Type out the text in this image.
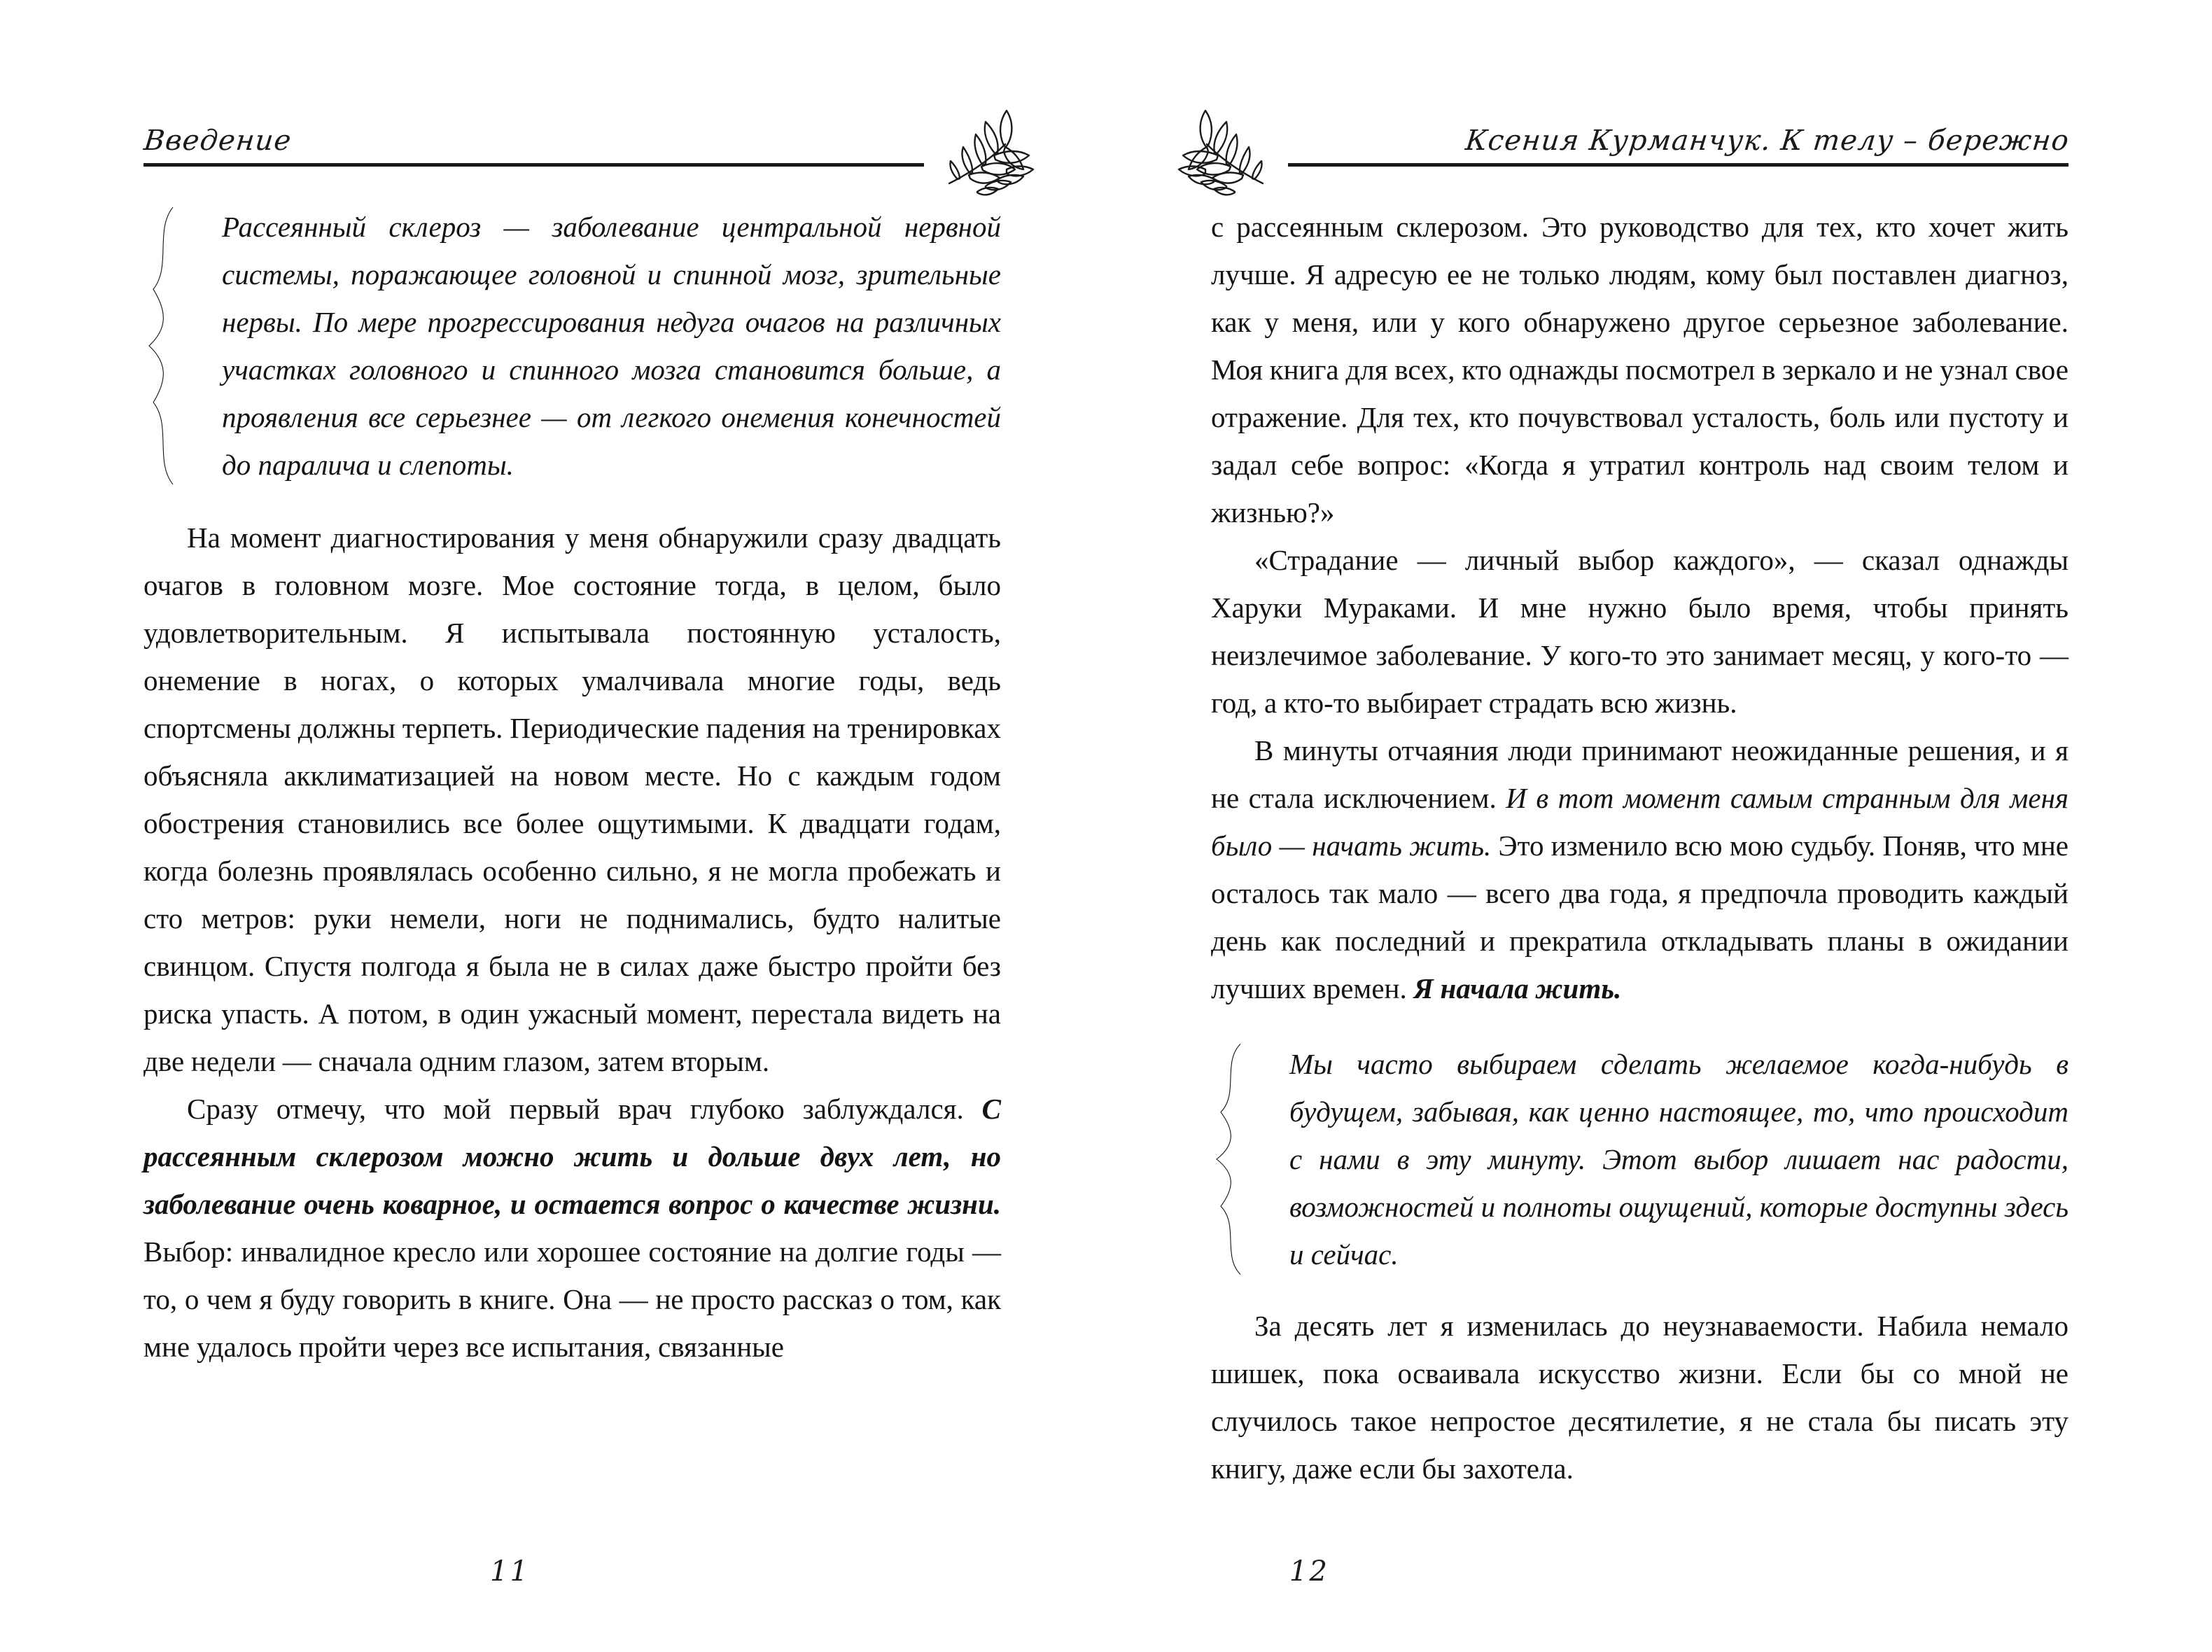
Введение

Рассеянный склероз — заболевание центральной нервной системы, поражающее головной и спинной мозг, зрительные нервы. По мере прогрессирования недуга очагов на различных участках головного и спинного мозга становится больше, а проявления все серьезнее — от легкого онемения конечностей до паралича и слепоты.

На момент диагностирования у меня обнаружили сразу двадцать очагов в головном мозге. Мое состояние тогда, в целом, было удовлетворительным. Я испытывала постоянную усталость, онемение в ногах, о которых умалчивала многие годы, ведь спортсмены должны терпеть. Периодические падения на тренировках объясняла акклиматизацией на новом месте. Но с каждым годом обострения становились все более ощутимыми. К двадцати годам, когда болезнь проявлялась особенно сильно, я не могла пробежать и сто метров: руки немели, ноги не поднимались, будто налитые свинцом. Спустя полгода я была не в силах даже быстро пройти без риска упасть. А потом, в один ужасный момент, перестала видеть на две недели — сначала одним глазом, затем вторым.

Сразу отмечу, что мой первый врач глубоко заблуждался. С рассеянным склерозом можно жить и дольше двух лет, но заболевание очень коварное, и остается вопрос о качестве жизни. Выбор: инвалидное кресло или хорошее состояние на долгие годы — то, о чем я буду говорить в книге. Она — не просто рассказ о том, как мне удалось пройти через все испытания, связанные

11
Ксения Курманчук. К телу – бережно

с рассеянным склерозом. Это руководство для тех, кто хочет жить лучше. Я адресую ее не только людям, кому был поставлен диагноз, как у меня, или у кого обнаружено другое серьезное заболевание. Моя книга для всех, кто однажды посмотрел в зеркало и не узнал свое отражение. Для тех, кто почувствовал усталость, боль или пустоту и задал себе вопрос: «Когда я утратил контроль над своим телом и жизнью?»

«Страдание — личный выбор каждого», — сказал однажды Харуки Мураками. И мне нужно было время, чтобы принять неизлечимое заболевание. У кого-то это занимает месяц, у кого-то — год, а кто-то выбирает страдать всю жизнь.

В минуты отчаяния люди принимают неожиданные решения, и я не стала исключением. И в тот момент самым странным для меня было — начать жить. Это изменило всю мою судьбу. Поняв, что мне осталось так мало — всего два года, я предпочла проводить каждый день как последний и прекратила откладывать планы в ожидании лучших времен. Я начала жить.

Мы часто выбираем сделать желаемое когда-нибудь в будущем, забывая, как ценно настоящее, то, что происходит с нами в эту минуту. Этот выбор лишает нас радости, возможностей и полноты ощущений, которые доступны здесь и сейчас.

За десять лет я изменилась до неузнаваемости. Набила немало шишек, пока осваивала искусство жизни. Если бы со мной не случилось такое непростое десятилетие, я не стала бы писать эту книгу, даже если бы захотела.

12
